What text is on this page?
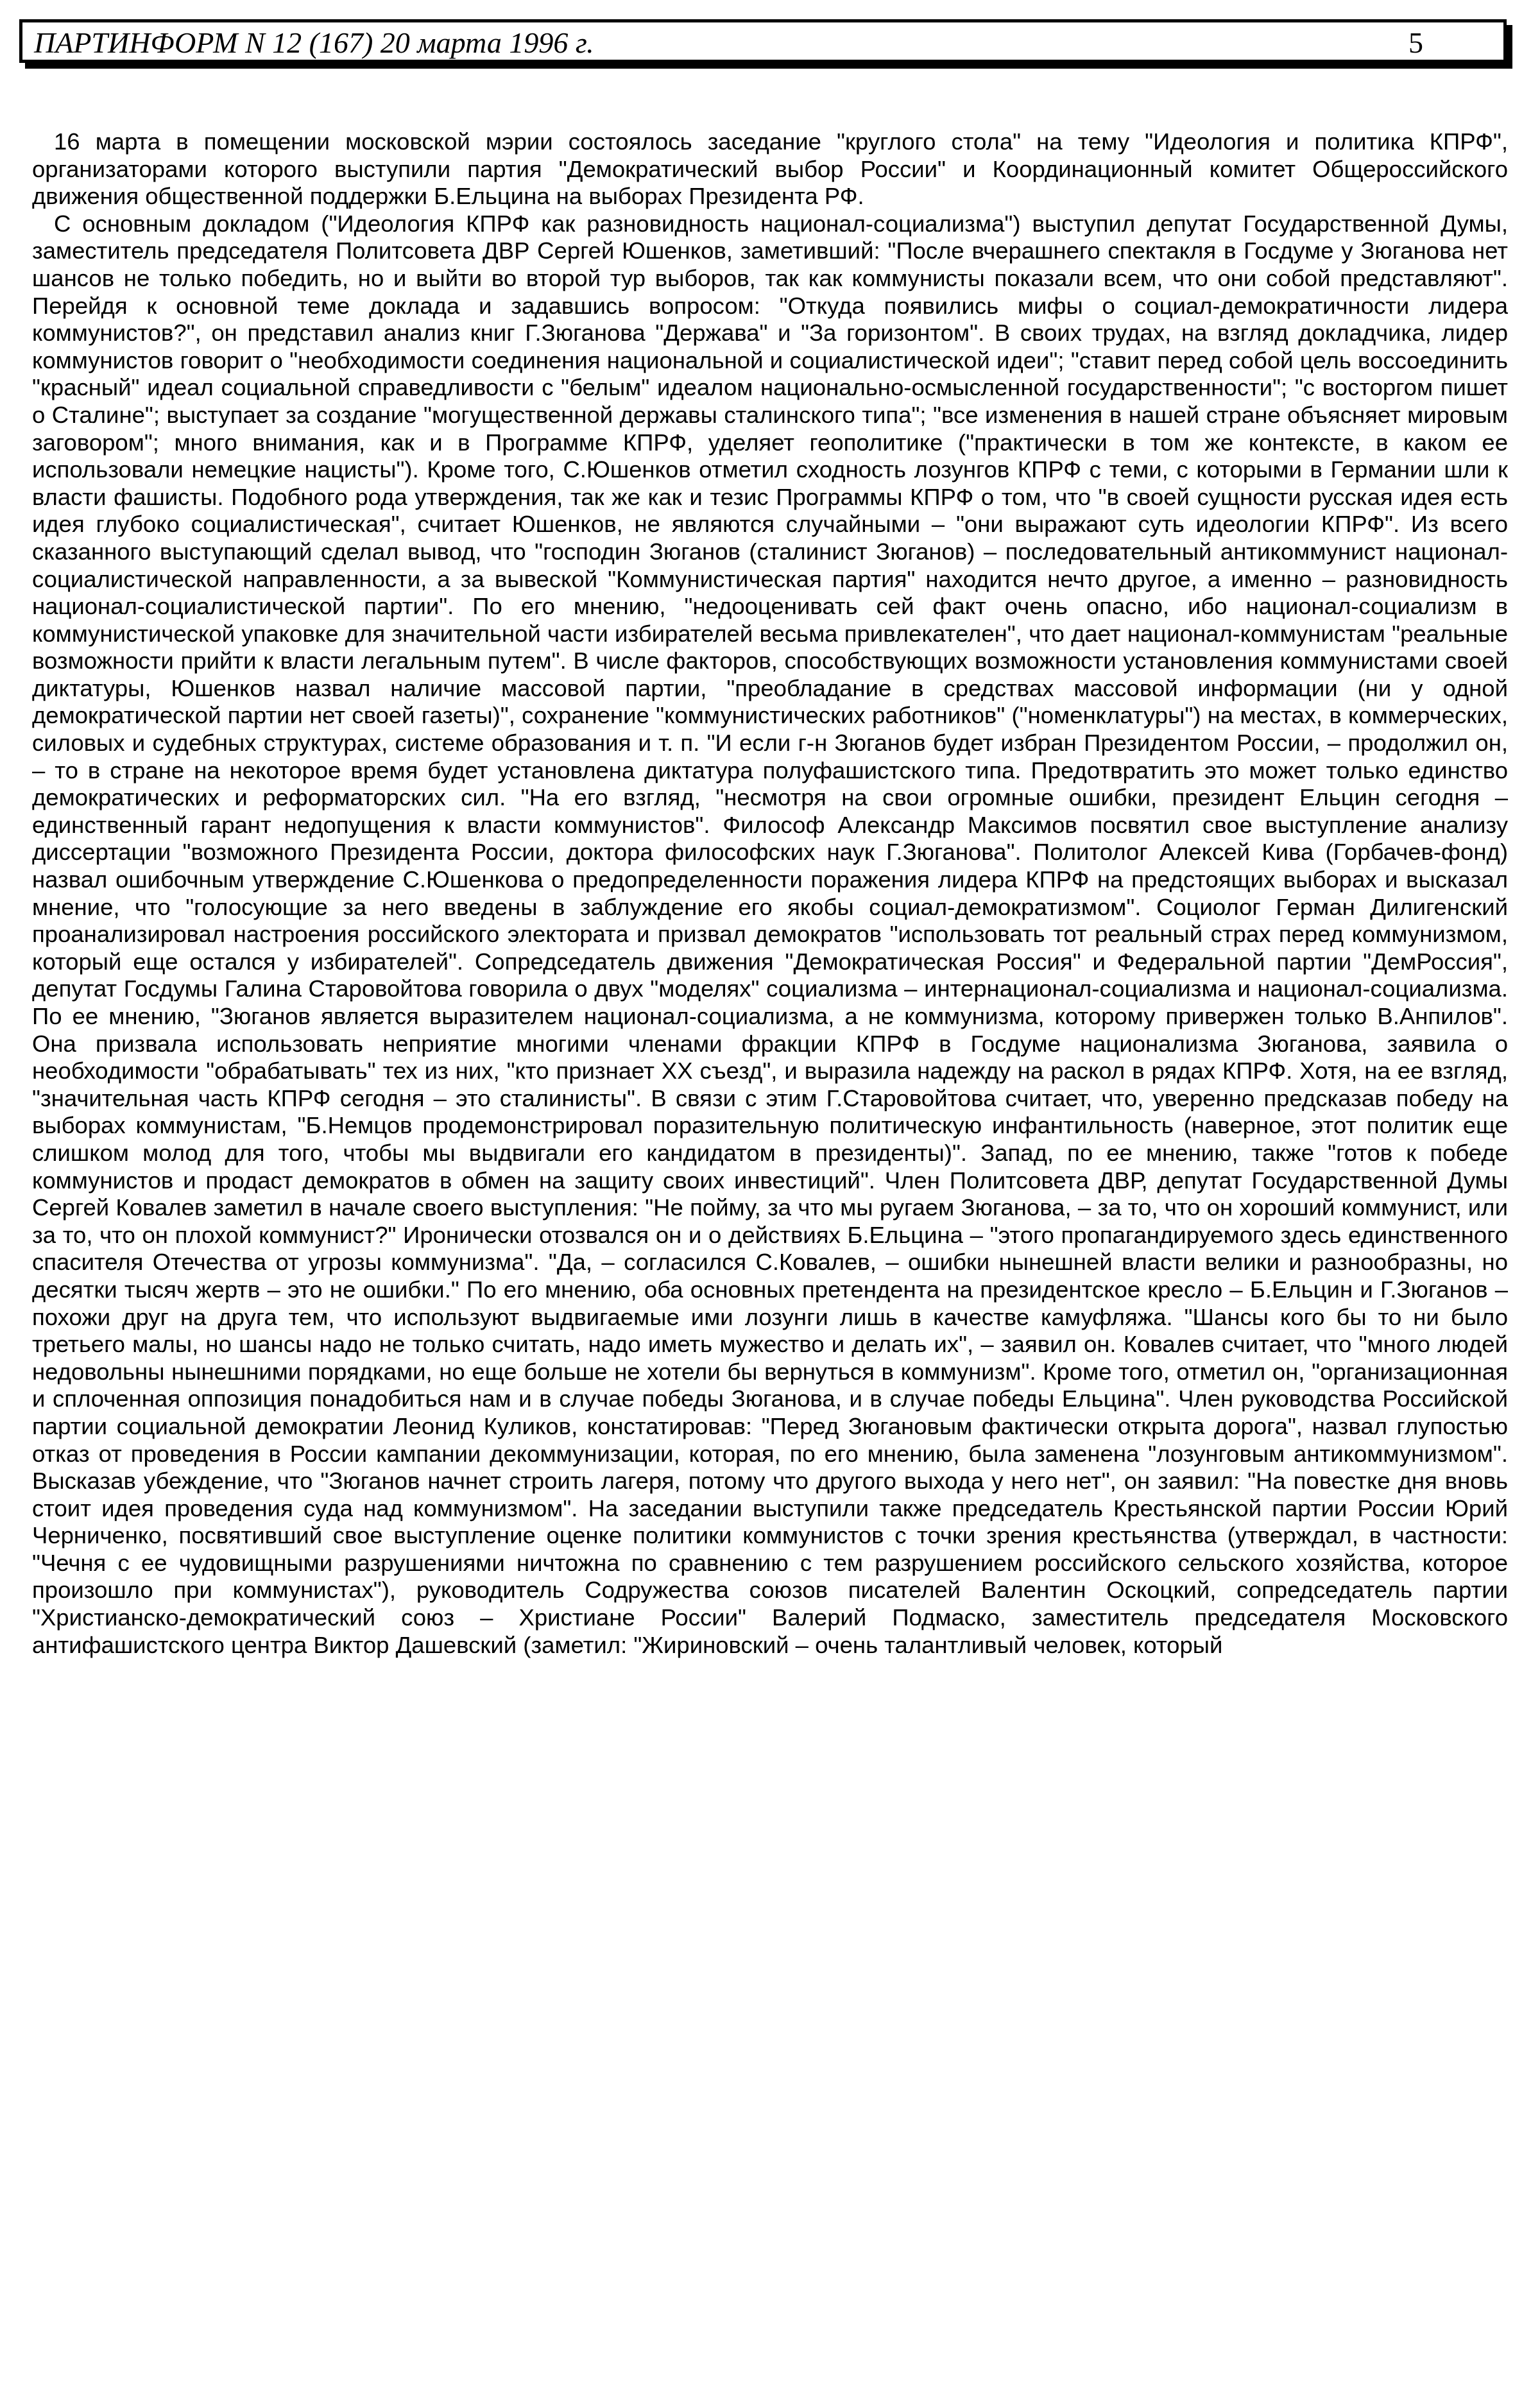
ПАРТИНФОРМ N 12 (167) 20 марта 1996 г.	5

16 марта в помещении московской мэрии состоялось заседание "круглого стола" на тему "Идеология и политика КПРФ", организаторами которого выступили партия "Демократический выбор России" и Координационный комитет Общероссийского движения общественной поддержки Б.Ельцина на выборах Президента РФ.

С основным докладом ("Идеология КПРФ как разновидность национал-социализма") выступил депутат Государственной Думы, заместитель председателя Политсовета ДВР Сергей Юшенков, заметивший: "После вчерашнего спектакля в Госдуме у Зюганова нет шансов не только победить, но и выйти во второй тур выборов, так как коммунисты показали всем, что они собой представляют". Перейдя к основной теме доклада и задавшись вопросом: "Откуда появились мифы о социал-демократичности лидера коммунистов?", он представил анализ книг Г.Зюганова "Держава" и "За горизонтом". В своих трудах, на взгляд докладчика, лидер коммунистов говорит о "необходимости соединения национальной и социалистической идеи"; "ставит перед собой цель воссоединить "красный" идеал социальной справедливости с "белым" идеалом национально-осмысленной государственности"; "с восторгом пишет о Сталине"; выступает за создание "могущественной державы сталинского типа"; "все изменения в нашей стране объясняет мировым заговором"; много внимания, как и в Программе КПРФ, уделяет геополитике ("практически в том же контексте, в каком ее использовали немецкие нацисты"). Кроме того, С.Юшенков отметил сходность лозунгов КПРФ с теми, с которыми в Германии шли к власти фашисты. Подобного рода утверждения, так же как и тезис Программы КПРФ о том, что "в своей сущности русская идея есть идея глубоко социалистическая", считает Юшенков, не являются случайными – "они выражают суть идеологии КПРФ". Из всего сказанного выступающий сделал вывод, что "господин Зюганов (сталинист Зюганов) – последовательный антикоммунист национал-социалистической направленности, а за вывеской "Коммунистическая партия" находится нечто другое, а именно – разновидность национал-социалистической партии". По его мнению, "недооценивать сей факт очень опасно, ибо национал-социализм в коммунистической упаковке для значительной части избирателей весьма привлекателен", что дает национал-коммунистам "реальные возможности прийти к власти легальным путем". В числе факторов, способствующих возможности установления коммунистами своей диктатуры, Юшенков назвал наличие массовой партии, "преобладание в средствах массовой информации (ни у одной демократической партии нет своей газеты)", сохранение "коммунистических работников" ("номенклатуры") на местах, в коммерческих, силовых и судебных структурах, системе образования и т. п. "И если г-н Зюганов будет избран Президентом России, – продолжил он, – то в стране на некоторое время будет установлена диктатура полуфашистского типа. Предотвратить это может только единство демократических и реформаторских сил. "На его взгляд, "несмотря на свои огромные ошибки, президент Ельцин сегодня – единственный гарант недопущения к власти коммунистов". Философ Александр Максимов посвятил свое выступление анализу диссертации "возможного Президента России, доктора философских наук Г.Зюганова". Политолог Алексей Кива (Горбачев-фонд) назвал ошибочным утверждение С.Юшенкова о предопределенности поражения лидера КПРФ на предстоящих выборах и высказал мнение, что "голосующие за него введены в заблуждение его якобы социал-демократизмом". Социолог Герман Дилигенский проанализировал настроения российского электората и призвал демократов "использовать тот реальный страх перед коммунизмом, который еще остался у избирателей". Сопредседатель движения "Демократическая Россия" и Федеральной партии "ДемРоссия", депутат Госдумы Галина Старовойтова говорила о двух "моделях" социализма – интернационал-социализма и национал-социализма. По ее мнению, "Зюганов является выразителем национал-социализма, а не коммунизма, которому привержен только В.Анпилов". Она призвала использовать неприятие многими членами фракции КПРФ в Госдуме национализма Зюганова, заявила о необходимости "обрабатывать" тех из них, "кто признает XX съезд", и выразила надежду на раскол в рядах КПРФ. Хотя, на ее взгляд, "значительная часть КПРФ сегодня – это сталинисты". В связи с этим Г.Старовойтова считает, что, уверенно предсказав победу на выборах коммунистам, "Б.Немцов продемонстрировал поразительную политическую инфантильность (наверное, этот политик еще слишком молод для того, чтобы мы выдвигали его кандидатом в президенты)". Запад, по ее мнению, также "готов к победе коммунистов и продаст демократов в обмен на защиту своих инвестиций". Член Политсовета ДВР, депутат Государственной Думы Сергей Ковалев заметил в начале своего выступления: "Не пойму, за что мы ругаем Зюганова, – за то, что он хороший коммунист, или за то, что он плохой коммунист?" Иронически отозвался он и о действиях Б.Ельцина – "этого пропагандируемого здесь единственного спасителя Отечества от угрозы коммунизма". "Да, – согласился С.Ковалев, – ошибки нынешней власти велики и разнообразны, но десятки тысяч жертв – это не ошибки." По его мнению, оба основных претендента на президентское кресло – Б.Ельцин и Г.Зюганов – похожи друг на друга тем, что используют выдвигаемые ими лозунги лишь в качестве камуфляжа. "Шансы кого бы то ни было третьего малы, но шансы надо не только считать, надо иметь мужество и делать их", – заявил он. Ковалев считает, что "много людей недовольны нынешними порядками, но еще больше не хотели бы вернуться в коммунизм". Кроме того, отметил он, "организационная и сплоченная оппозиция понадобиться нам и в случае победы Зюганова, и в случае победы Ельцина". Член руководства Российской партии социальной демократии Леонид Куликов, констатировав: "Перед Зюгановым фактически открыта дорога", назвал глупостью отказ от проведения в России кампании декоммунизации, которая, по его мнению, была заменена "лозунговым антикоммунизмом". Высказав убеждение, что "Зюганов начнет строить лагеря, потому что другого выхода у него нет", он заявил: "На повестке дня вновь стоит идея проведения суда над коммунизмом". На заседании выступили также председатель Крестьянской партии России Юрий Черниченко, посвятивший свое выступление оценке политики коммунистов с точки зрения крестьянства (утверждал, в частности: "Чечня с ее чудовищными разрушениями ничтожна по сравнению с тем разрушением российского сельского хозяйства, которое произошло при коммунистах"), руководитель Содружества союзов писателей Валентин Оскоцкий, сопредседатель партии "Христианско-демократический союз – Христиане России" Валерий Подмаско, заместитель председателя Московского антифашистского центра Виктор Дашевский (заметил: "Жириновский – очень талантливый человек, который
